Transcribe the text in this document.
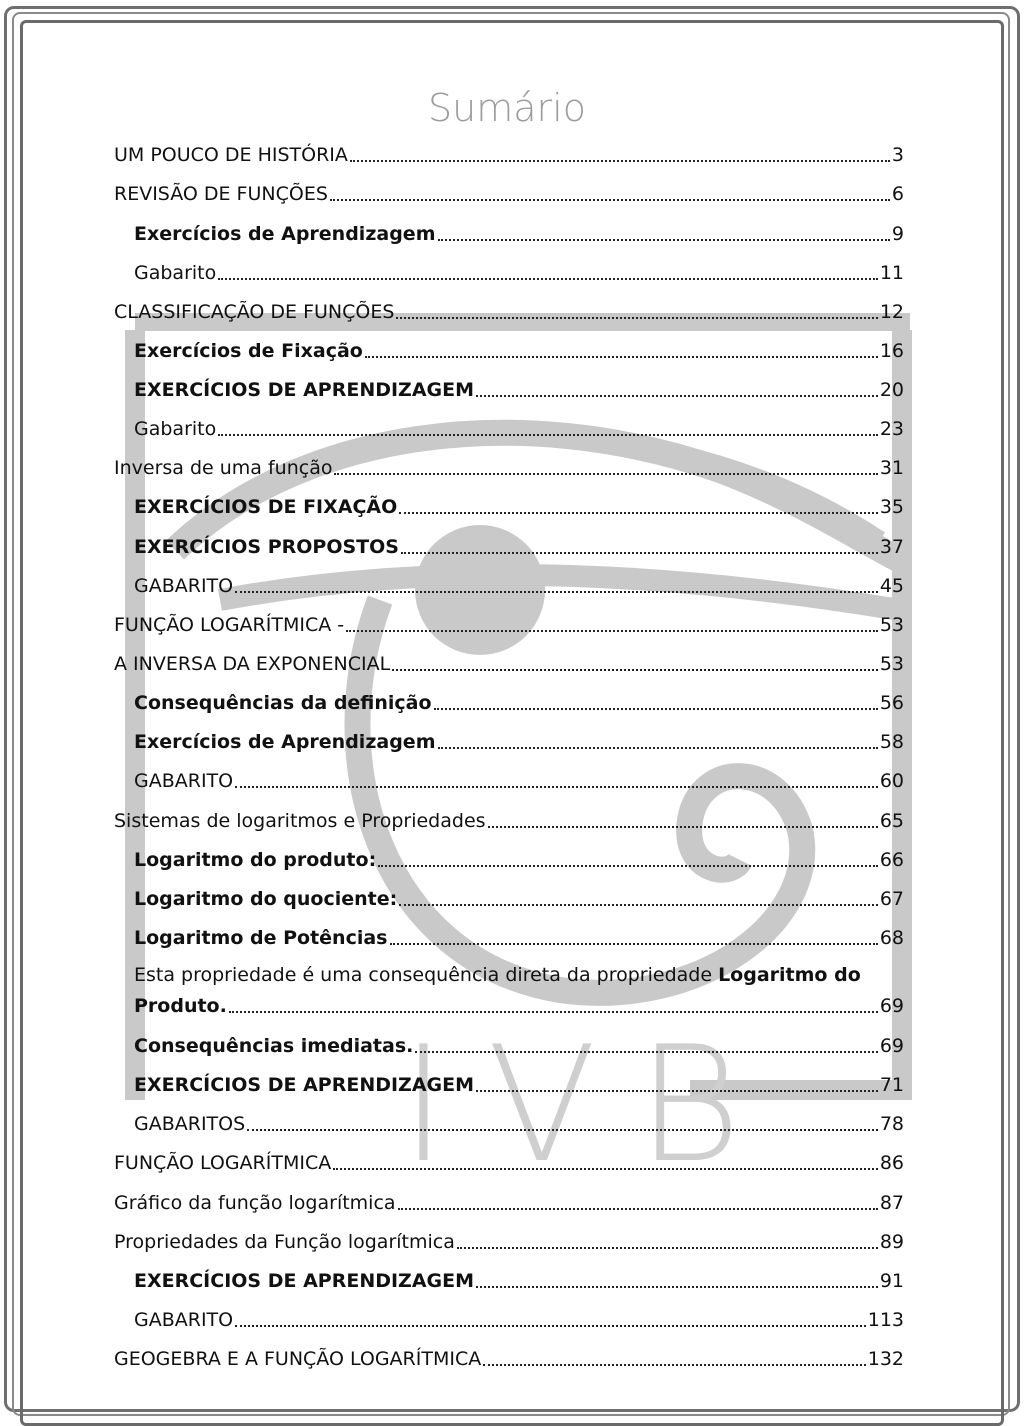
IVB
Sumário
UM POUCO DE HISTÓRIA	3
REVISÃO DE FUNÇÕES	6
Exercícios de Aprendizagem	9
Gabarito	11
CLASSIFICAÇÃO DE FUNÇÕES	12
Exercícios de Fixação	16
EXERCÍCIOS DE APRENDIZAGEM	20
Gabarito	23
Inversa de uma função	31
EXERCÍCIOS DE FIXAÇÃO	35
EXERCÍCIOS PROPOSTOS	37
GABARITO	45
FUNÇÃO LOGARÍTMICA -	53
A INVERSA DA EXPONENCIAL	53
Consequências da definição	56
Exercícios de Aprendizagem	58
GABARITO	60
Sistemas de logaritmos e Propriedades	65
Logaritmo do produto:	66
Logaritmo do quociente:	67
Logaritmo de Potências	68
Esta propriedade é uma consequência direta da propriedade Logaritmo do
Produto.	69
Consequências imediatas.	69
EXERCÍCIOS DE APRENDIZAGEM	71
GABARITOS	78
FUNÇÃO LOGARÍTMICA	86
Gráfico da função logarítmica	87
Propriedades da Função logarítmica	89
EXERCÍCIOS DE APRENDIZAGEM	91
GABARITO	113
GEOGEBRA E A FUNÇÃO LOGARÍTMICA	132
